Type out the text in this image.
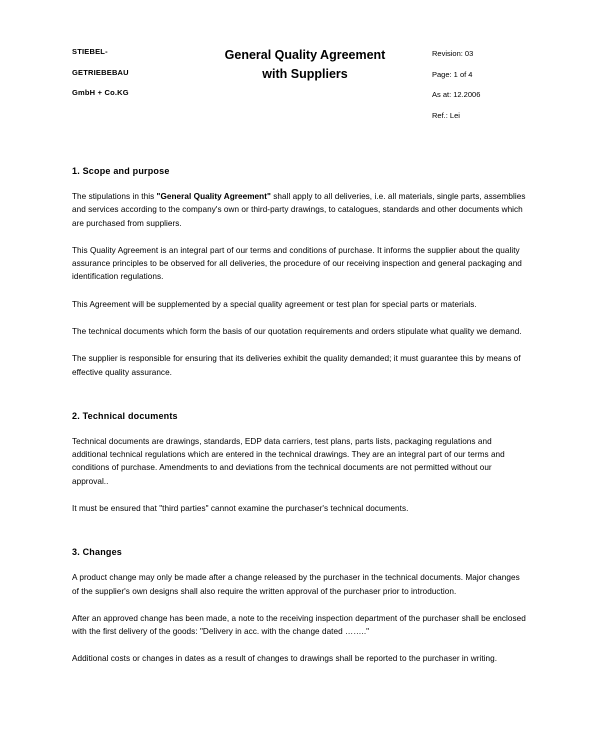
STIEBEL-
GETRIEBEBAU
GmbH + Co.KG
General Quality Agreement
with Suppliers
Revision: 03
Page: 1 of 4
As at: 12.2006
Ref.: Lei
1. Scope and purpose

The stipulations in this "General Quality Agreement" shall apply to all deliveries, i.e. all materials, single parts, assemblies and services according to the company's own or third-party drawings, to catalogues, standards and other documents which are purchased from suppliers.

This Quality Agreement is an integral part of our terms and conditions of purchase. It informs the supplier about the quality assurance principles to be observed for all deliveries, the procedure of our receiving inspection and general packaging and identification regulations.

This Agreement will be supplemented by a special quality agreement or test plan for special parts or materials.

The technical documents which form the basis of our quotation requirements and orders stipulate what quality we demand.

The supplier is responsible for ensuring that its deliveries exhibit the quality demanded; it must guarantee this by means of effective quality assurance.

2. Technical documents

Technical documents are drawings, standards, EDP data carriers, test plans, parts lists, packaging regulations and additional technical regulations which are entered in the technical drawings. They are an integral part of our terms and conditions of purchase. Amendments to and deviations from the technical documents are not permitted without our approval..

It must be ensured that "third parties" cannot examine the purchaser's technical documents.

3. Changes

A product change may only be made after a change released by the purchaser in the technical documents. Major changes of the supplier's own designs shall also require the written approval of the purchaser prior to introduction.

After an approved change has been made, a note to the receiving inspection department of the purchaser shall be enclosed with the first delivery of the goods: "Delivery in acc. with the change dated …….."

Additional costs or changes in dates as a result of changes to drawings shall be reported to the purchaser in writing.
